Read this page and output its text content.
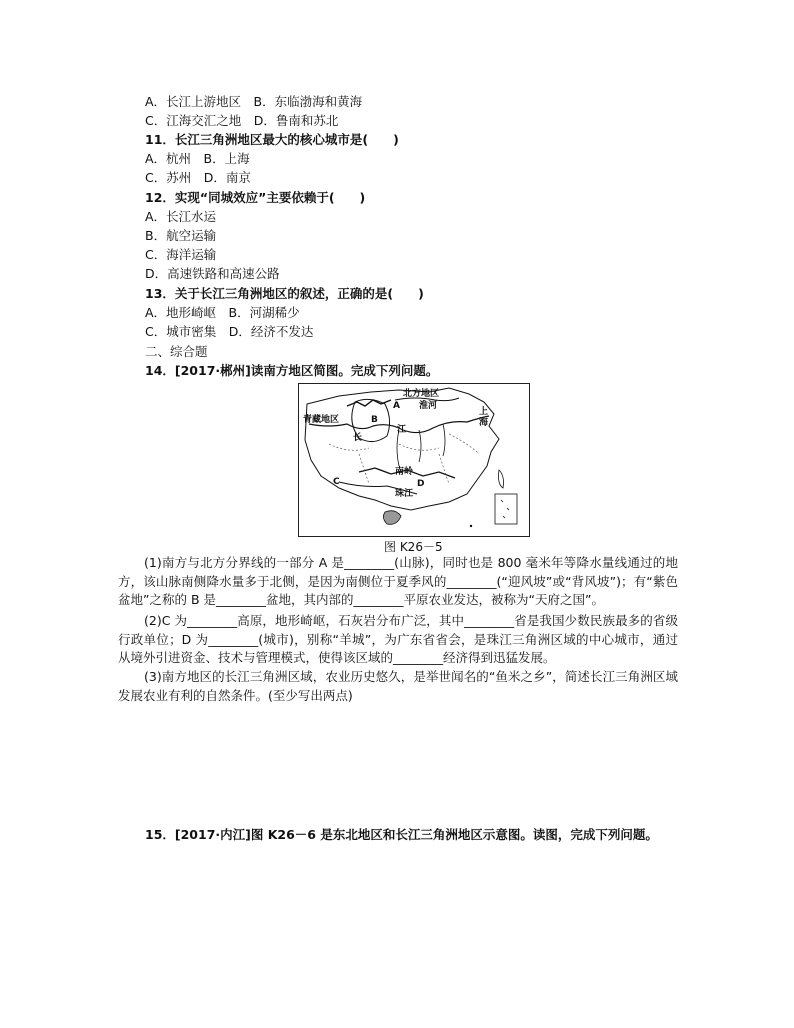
A．长江上游地区　B．东临渤海和黄海
C．江海交汇之地　D．鲁南和苏北
11．长江三角洲地区最大的核心城市是(　　)
A．杭州　B．上海
C．苏州　D．南京
12．实现“同城效应”主要依赖于(　　)
A．长江水运
B．航空运输
C．海洋运输
D．高速铁路和高速公路
13．关于长江三角洲地区的叙述，正确的是(　　)
A．地形崎岖　B．河湖稀少
C．城市密集　D．经济不发达
二、综合题
14．[2017·郴州]读南方地区简图。完成下列问题。
北方地区
A 淮河
青藏地区	B
长
江
上
海
南岭
C	D
珠江
图 K26－5
(1)南方与北方分界线的一部分 A 是________(山脉)，同时也是 800 毫米年等降水量线通过的地方，该山脉南侧降水量多于北侧，是因为南侧位于夏季风的________(“迎风坡”或“背风坡”)；有“紫色盆地”之称的 B 是________盆地，其内部的________平原农业发达，被称为“天府之国”。
(2)C 为________高原，地形崎岖，石灰岩分布广泛，其中________省是我国少数民族最多的省级行政单位；D 为________(城市)，别称“羊城”，为广东省省会，是珠江三角洲区域的中心城市，通过从境外引进资金、技术与管理模式，使得该区域的________经济得到迅猛发展。
(3)南方地区的长江三角洲区域，农业历史悠久，是举世闻名的“鱼米之乡”，简述长江三角洲区域发展农业有利的自然条件。(至少写出两点)
15．[2017·内江]图 K26－6 是东北地区和长江三角洲地区示意图。读图，完成下列问题。
